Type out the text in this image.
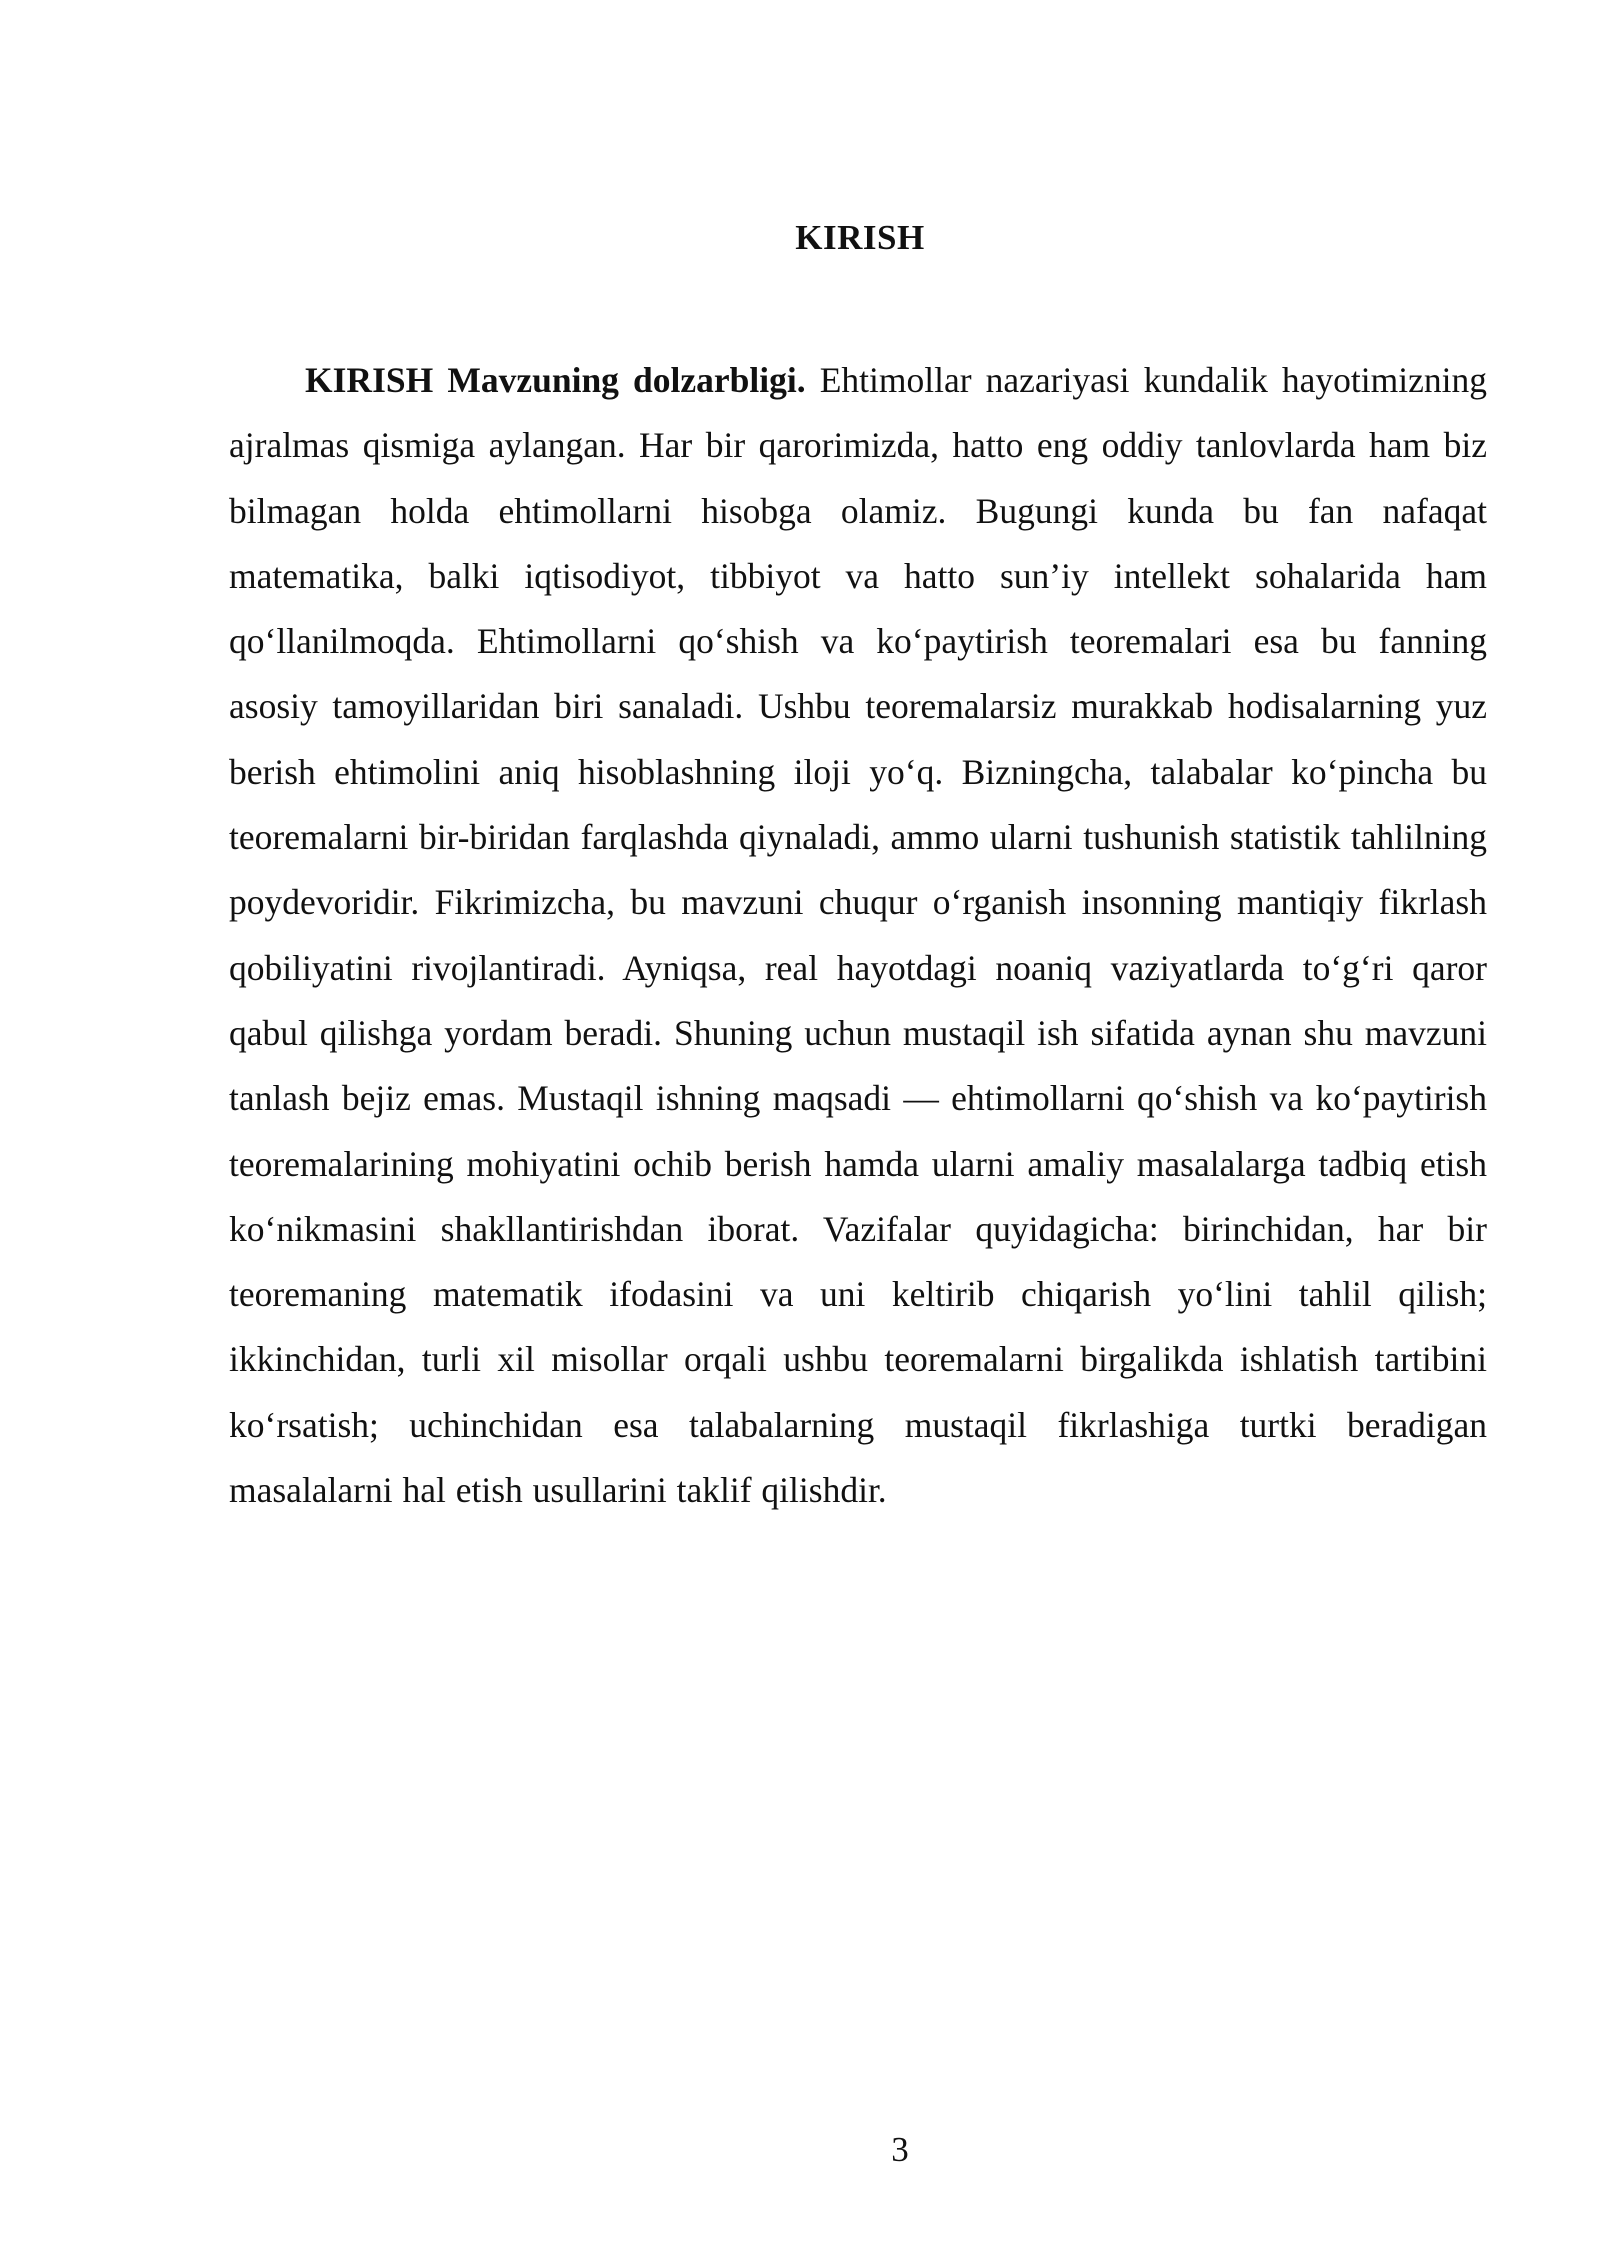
KIRISH

KIRISH Mavzuning dolzarbligi. Ehtimollar nazariyasi kundalik hayotimizning ajralmas qismiga aylangan. Har bir qarorimizda, hatto eng oddiy tanlovlarda ham biz bilmagan holda ehtimollarni hisobga olamiz. Bugungi kunda bu fan nafaqat matematika, balki iqtisodiyot, tibbiyot va hatto sun’iy intellekt sohalarida ham qo‘llanilmoqda. Ehtimollarni qo‘shish va ko‘paytirish teoremalari esa bu fanning asosiy tamoyillaridan biri sanaladi. Ushbu teoremalarsiz murakkab hodisalarning yuz berish ehtimolini aniq hisoblashning iloji yo‘q. Bizningcha, talabalar ko‘pincha bu teoremalarni bir-biridan farqlashda qiynaladi, ammo ularni tushunish statistik tahlilning poydevoridir. Fikrimizcha, bu mavzuni chuqur o‘rganish insonning mantiqiy fikrlash qobiliyatini rivojlantiradi. Ayniqsa, real hayotdagi noaniq vaziyatlarda to‘g‘ri qaror qabul qilishga yordam beradi. Shuning uchun mustaqil ish sifatida aynan shu mavzuni tanlash bejiz emas. Mustaqil ishning maqsadi — ehtimollarni qo‘shish va ko‘paytirish teoremalarining mohiyatini ochib berish hamda ularni amaliy masalalarga tadbiq etish ko‘nikmasini shakllantirishdan iborat. Vazifalar quyidagicha: birinchidan, har bir teoremaning matematik ifodasini va uni keltirib chiqarish yo‘lini tahlil qilish; ikkinchidan, turli xil misollar orqali ushbu teoremalarni birgalikda ishlatish tartibini ko‘rsatish; uchinchidan esa talabalarning mustaqil fikrlashiga turtki beradigan masalalarni hal etish usullarini taklif qilishdir.

3
